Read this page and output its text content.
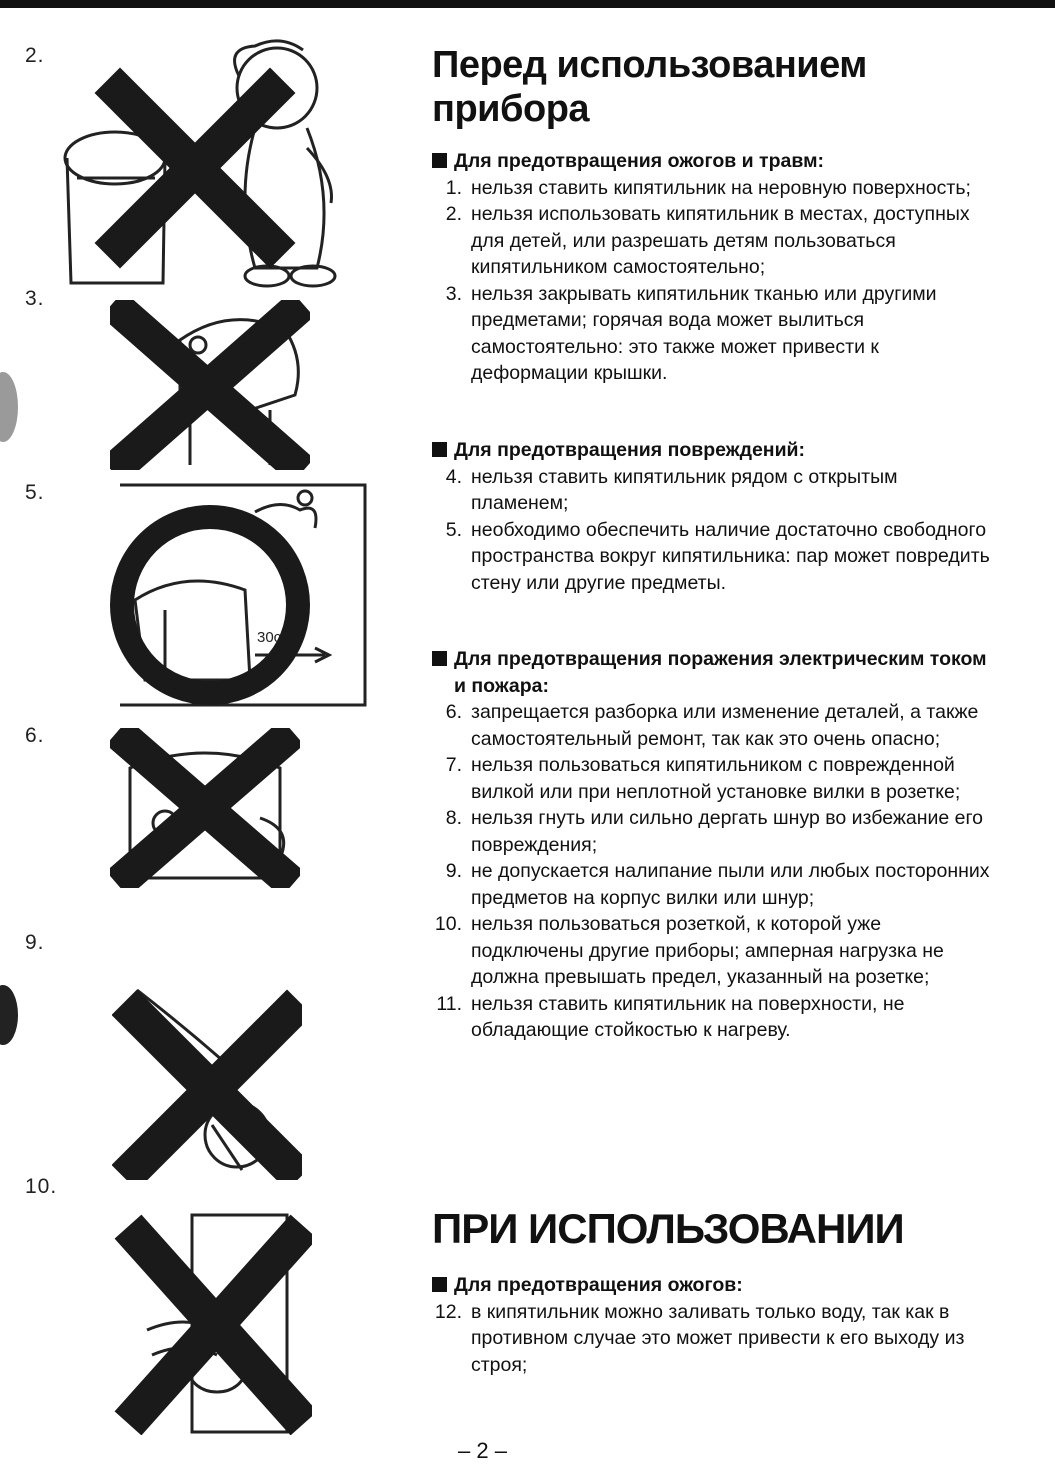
2.
3.
5.
6.
9.
10.
30cm
Перед использованием прибора
Для предотвращения ожогов и травм:
1. нельзя ставить кипятильник на неровную поверхность;
2. нельзя использовать кипятильник в местах, доступных для детей, или разрешать детям пользоваться кипятильником самостоятельно;
3. нельзя закрывать кипятильник тканью или другими предметами; горячая вода может вылиться самостоятельно: это также может привести к деформации крышки.
Для предотвращения повреждений:
4. нельзя ставить кипятильник рядом с открытым пламенем;
5. необходимо обеспечить наличие достаточно свободного пространства вокруг кипятильника: пар может повредить стену или другие предметы.
Для предотвращения поражения электрическим током и пожара:
6. запрещается разборка или изменение деталей, а также самостоятельный ремонт, так как это очень опасно;
7. нельзя пользоваться кипятильником с поврежденной вилкой или при неплотной установке вилки в розетке;
8. нельзя гнуть или сильно дергать шнур во избежание его повреждения;
9. не допускается налипание пыли или любых посторонних предметов на корпус вилки или шнур;
10. нельзя пользоваться розеткой, к которой уже подключены другие приборы; амперная нагрузка не должна превышать предел, указанный на розетке;
11. нельзя ставить кипятильник на поверхности, не обладающие стойкостью к нагреву.
ПРИ ИСПОЛЬЗОВАНИИ
Для предотвращения ожогов:
12. в кипятильник можно заливать только воду, так как в противном случае это может привести к его выходу из строя;
– 2 –
